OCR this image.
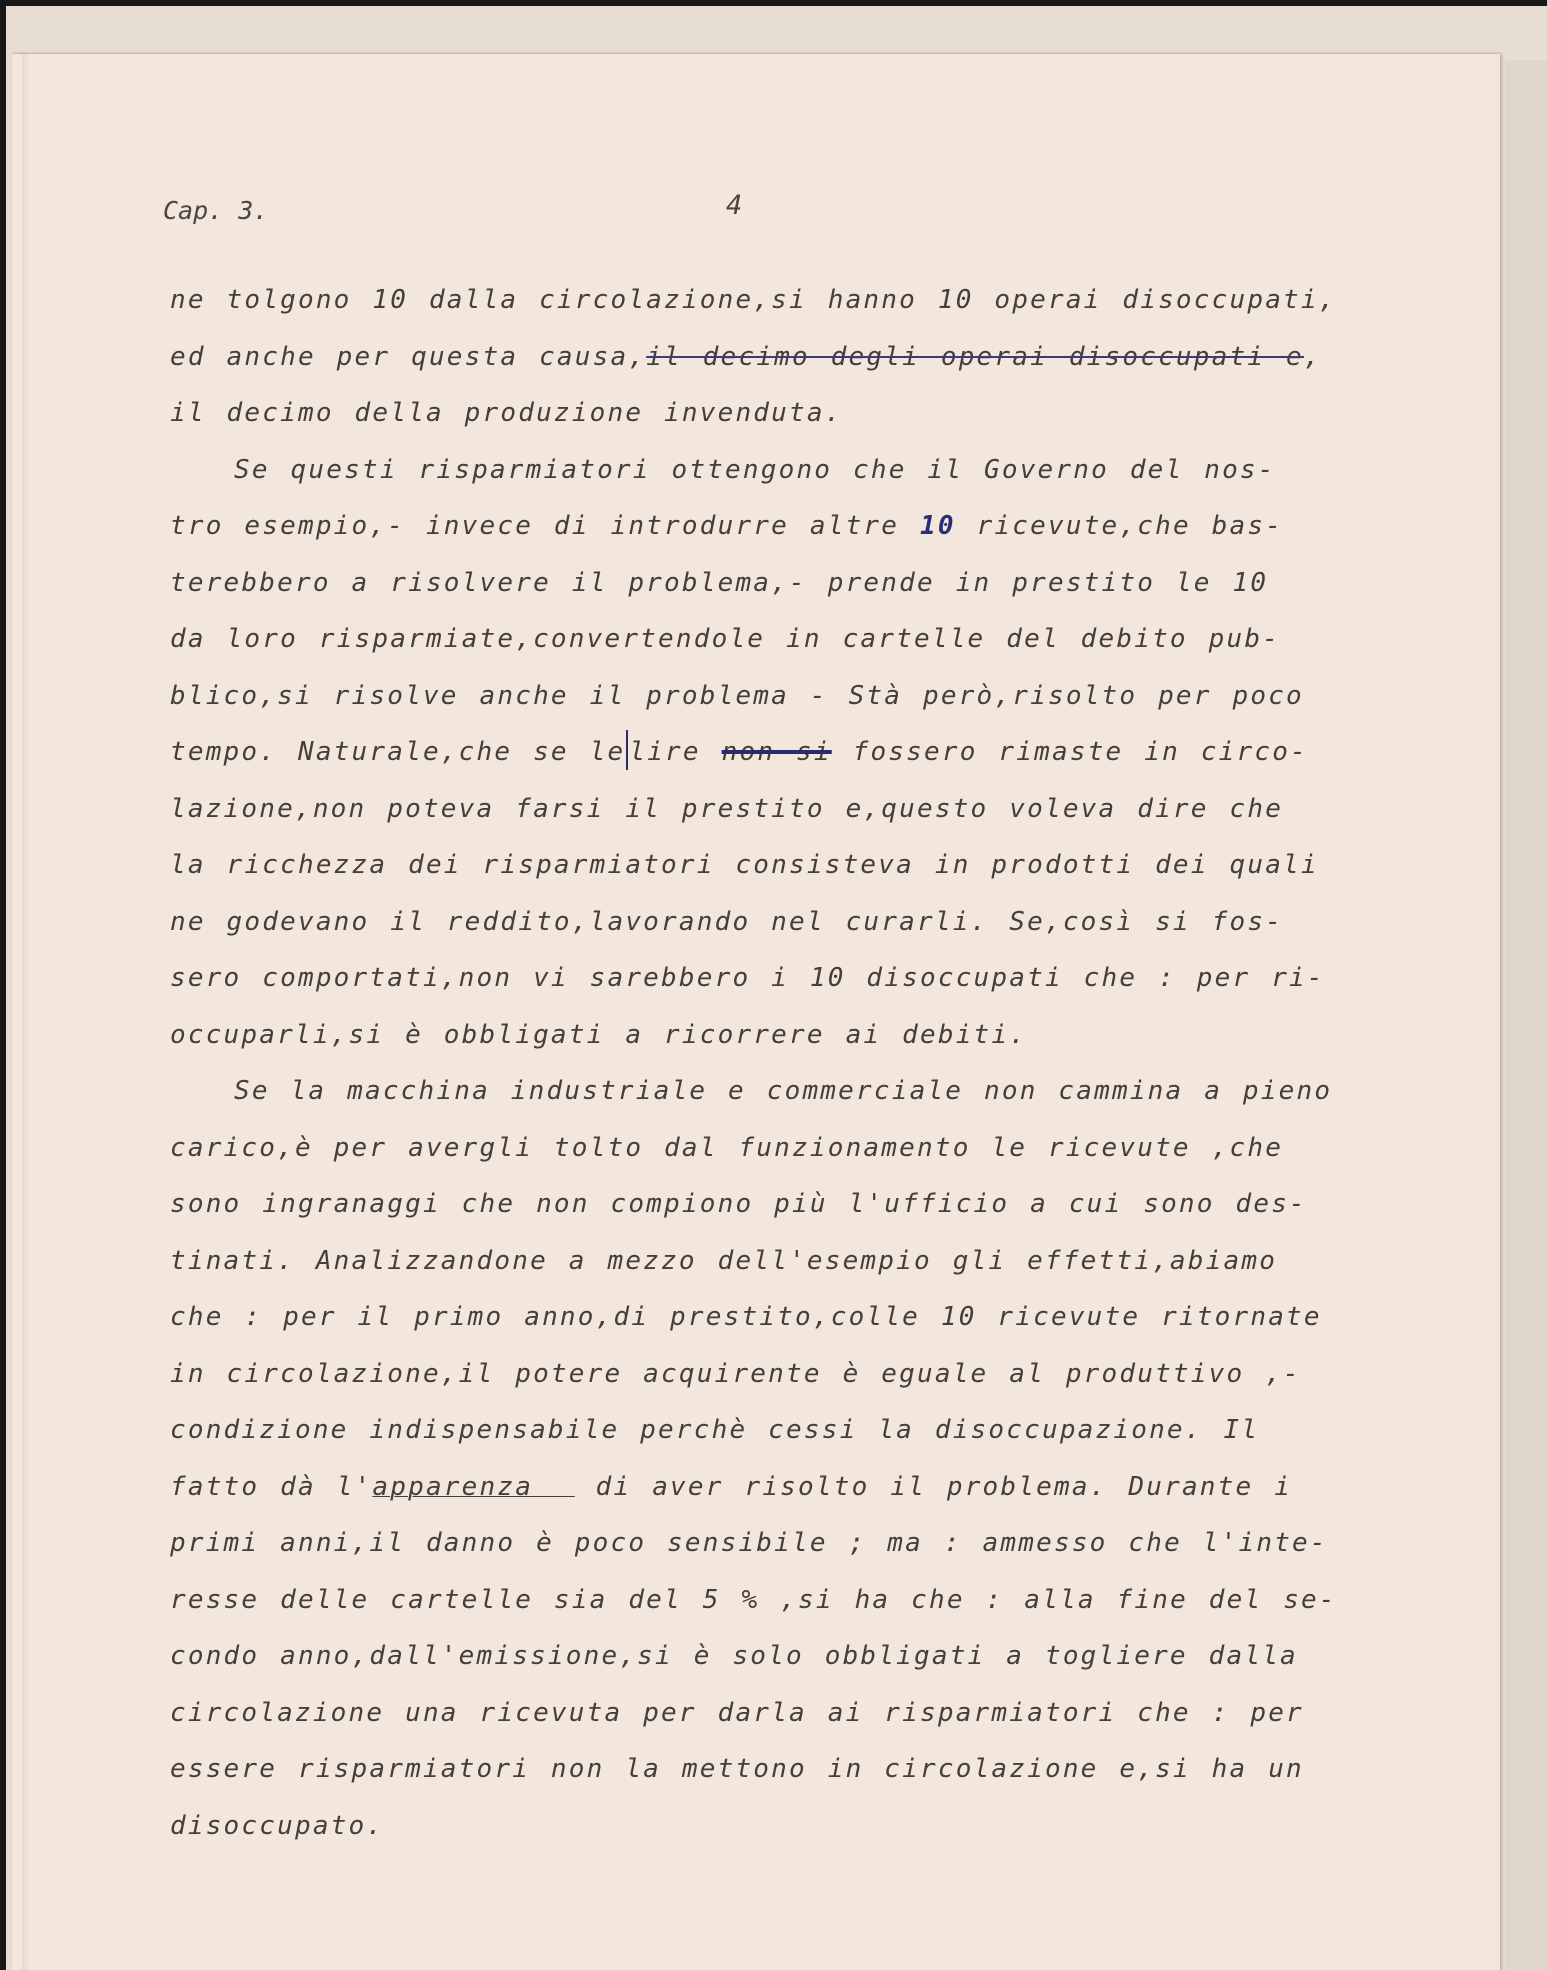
Cap. 3.	4
ne tolgono 10 dalla circolazione,si hanno 10 operai disoccupati,
ed anche per questa causa,il decimo degli operai disoccupati e,
il decimo della produzione invenduta.
Se questi risparmiatori ottengono che il Governo del nos-
tro esempio,- invece di introdurre altre 10 ricevute,che bas-
terebbero a risolvere il problema,- prende in prestito le 10
da loro risparmiate,convertendole in cartelle del debito pub-
blico,si risolve anche il problema - Stà però,risolto per poco
tempo. Naturale,che se le lire non si fossero rimaste in circo-
lazione,non poteva farsi il prestito e,questo voleva dire che
la ricchezza dei risparmiatori consisteva in prodotti dei quali
ne godevano il reddito,lavorando nel curarli. Se,così si fos-
sero comportati,non vi sarebbero i 10 disoccupati che : per ri-
occuparli,si è obbligati a ricorrere ai debiti.
Se la macchina industriale e commerciale non cammina a pieno
carico,è per avergli tolto dal funzionamento le ricevute ,che
sono ingranaggi che non compiono più l'ufficio a cui sono des-
tinati. Analizzandone a mezzo dell'esempio gli effetti,abiamo
che : per il primo anno,di prestito,colle 10 ricevute ritornate
in circolazione,il potere acquirente è eguale al produttivo ,-
condizione indispensabile perchè cessi la disoccupazione. Il
fatto dà l'apparenza   di aver risolto il problema. Durante i
primi anni,il danno è poco sensibile ; ma : ammesso che l'inte-
resse delle cartelle sia del 5 % ,si ha che : alla fine del se-
condo anno,dall'emissione,si è solo obbligati a togliere dalla
circolazione una ricevuta per darla ai risparmiatori che : per
essere risparmiatori non la mettono in circolazione e,si ha un
disoccupato.
